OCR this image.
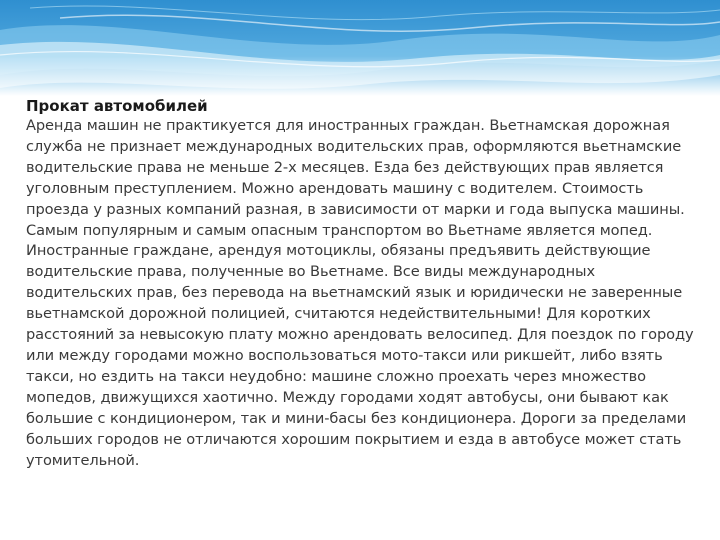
Прокат автомобилей

Аренда машин не практикуется для иностранных граждан. Вьетнамская дорожная служба не признает международных водительских прав, оформляются вьетнамские водительские права не меньше 2-х месяцев. Езда без действующих прав является уголовным преступлением. Можно арендовать машину с водителем. Стоимость проезда у разных компаний разная, в зависимости от марки и года выпуска машины. Самым популярным и самым опасным транспортом во Вьетнаме является мопед. Иностранные граждане, арендуя мотоциклы, обязаны предъявить действующие водительские права, полученные во Вьетнаме. Все виды международных водительских прав, без перевода на вьетнамский язык и юридически не заверенные вьетнамской дорожной полицией, считаются недействительными! Для коротких расстояний за невысокую плату можно арендовать велосипед. Для поездок по городу или между городами можно воспользоваться мото-такси или рикшейт, либо взять такси, но ездить на такси неудобно: машине сложно проехать через множество мопедов, движущихся хаотично. Между городами ходят автобусы, они бывают как большие с кондиционером, так и мини-басы без кондиционера. Дороги за пределами больших городов не отличаются хорошим покрытием и езда в автобусе может стать утомительной.
